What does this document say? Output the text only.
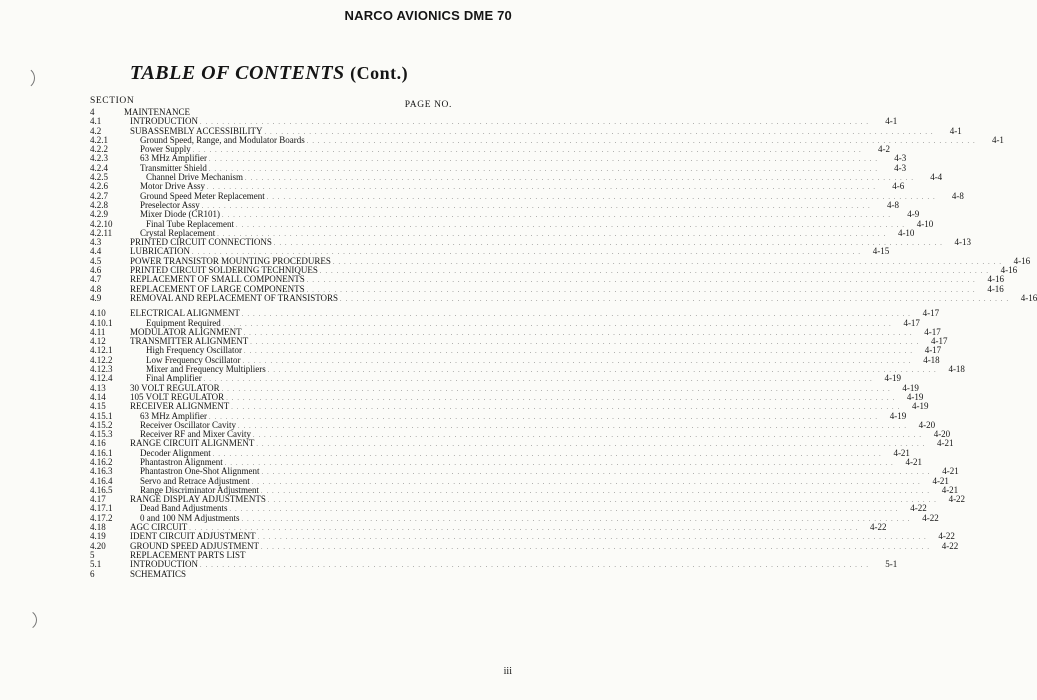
NARCO AVIONICS DME 70
TABLE OF CONTENTS (Cont.)
SECTION	PAGE NO.
4	MAINTENANCE
4.1	INTRODUCTION . . . . . . . . . . . . . . . . . . . . . . . . . . . . . . . . . . . . . . . . . . . . . . . . . . . . . . . . . . . . . . . . . . . . . . . . . . . . . . . . . . . . . . . . . . . . . . . . . . . . . . . . . . . . . . . . . . . . . . . .	4-1
4.2	SUBASSEMBLY ACCESSIBILITY . . . . . . . . . . . . . . . . . . . . . . . . . . . . . . . . . . . . . . . . . . . . . . . . . . . . . . . . . . . . . . . . . . . . . . . . . . . . . . . . . . . . . . . . . . . . . . . . . . . . . . . . . . . . . . . . . . . . . . . .	4-1
4.2.1	Ground Speed, Range, and Modulator Boards . . . . . . . . . . . . . . . . . . . . . . . . . . . . . . . . . . . . . . . . . . . . . . . . . . . . . . . . . . . . . . . . . . . . . . . . . . . . . . . . . . . . . . . . . . . . . . . . . . . . . . . . . . . . . . . . . . . . . . . .	4-1
4.2.2	Power Supply . . . . . . . . . . . . . . . . . . . . . . . . . . . . . . . . . . . . . . . . . . . . . . . . . . . . . . . . . . . . . . . . . . . . . . . . . . . . . . . . . . . . . . . . . . . . . . . . . . . . . . . . . . . . . . . . . . . . . . . .	4-2
4.2.3	63 MHz Amplifier . . . . . . . . . . . . . . . . . . . . . . . . . . . . . . . . . . . . . . . . . . . . . . . . . . . . . . . . . . . . . . . . . . . . . . . . . . . . . . . . . . . . . . . . . . . . . . . . . . . . . . . . . . . . . . . . . . . . . . . .	4-3
4.2.4	Transmitter Shield . . . . . . . . . . . . . . . . . . . . . . . . . . . . . . . . . . . . . . . . . . . . . . . . . . . . . . . . . . . . . . . . . . . . . . . . . . . . . . . . . . . . . . . . . . . . . . . . . . . . . . . . . . . . . . . . . . . . . . . .	4-3
4.2.5	Channel Drive Mechanism . . . . . . . . . . . . . . . . . . . . . . . . . . . . . . . . . . . . . . . . . . . . . . . . . . . . . . . . . . . . . . . . . . . . . . . . . . . . . . . . . . . . . . . . . . . . . . . . . . . . . . . . . . . . . . . . . . . . . . . .	4-4
4.2.6	Motor Drive Assy . . . . . . . . . . . . . . . . . . . . . . . . . . . . . . . . . . . . . . . . . . . . . . . . . . . . . . . . . . . . . . . . . . . . . . . . . . . . . . . . . . . . . . . . . . . . . . . . . . . . . . . . . . . . . . . . . . . . . . . .	4-6
4.2.7	Ground Speed Meter Replacement . . . . . . . . . . . . . . . . . . . . . . . . . . . . . . . . . . . . . . . . . . . . . . . . . . . . . . . . . . . . . . . . . . . . . . . . . . . . . . . . . . . . . . . . . . . . . . . . . . . . . . . . . . . . . . . . . . . . . . . .	4-8
4.2.8	Preselector Assy . . . . . . . . . . . . . . . . . . . . . . . . . . . . . . . . . . . . . . . . . . . . . . . . . . . . . . . . . . . . . . . . . . . . . . . . . . . . . . . . . . . . . . . . . . . . . . . . . . . . . . . . . . . . . . . . . . . . . . . .	4-8
4.2.9	Mixer Diode (CR101) . . . . . . . . . . . . . . . . . . . . . . . . . . . . . . . . . . . . . . . . . . . . . . . . . . . . . . . . . . . . . . . . . . . . . . . . . . . . . . . . . . . . . . . . . . . . . . . . . . . . . . . . . . . . . . . . . . . . . . . .	4-9
4.2.10	Final Tube Replacement . . . . . . . . . . . . . . . . . . . . . . . . . . . . . . . . . . . . . . . . . . . . . . . . . . . . . . . . . . . . . . . . . . . . . . . . . . . . . . . . . . . . . . . . . . . . . . . . . . . . . . . . . . . . . . . . . . . . . . . .	4-10
4.2.11	Crystal Replacement . . . . . . . . . . . . . . . . . . . . . . . . . . . . . . . . . . . . . . . . . . . . . . . . . . . . . . . . . . . . . . . . . . . . . . . . . . . . . . . . . . . . . . . . . . . . . . . . . . . . . . . . . . . . . . . . . . . . . . . .	4-10
4.3	PRINTED CIRCUIT CONNECTIONS . . . . . . . . . . . . . . . . . . . . . . . . . . . . . . . . . . . . . . . . . . . . . . . . . . . . . . . . . . . . . . . . . . . . . . . . . . . . . . . . . . . . . . . . . . . . . . . . . . . . . . . . . . . . . . . . . . . . . . . .	4-13
4.4	LUBRICATION . . . . . . . . . . . . . . . . . . . . . . . . . . . . . . . . . . . . . . . . . . . . . . . . . . . . . . . . . . . . . . . . . . . . . . . . . . . . . . . . . . . . . . . . . . . . . . . . . . . . . . . . . . . . . . . . . . . . . . . .	4-15
4.5	POWER TRANSISTOR MOUNTING PROCEDURES . . . . . . . . . . . . . . . . . . . . . . . . . . . . . . . . . . . . . . . . . . . . . . . . . . . . . . . . . . . . . . . . . . . . . . . . . . . . . . . . . . . . . . . . . . . . . . . . . . . . . . . . . . . . . . . . . . . . . . . .	4-16
4.6	PRINTED CIRCUIT SOLDERING TECHNIQUES . . . . . . . . . . . . . . . . . . . . . . . . . . . . . . . . . . . . . . . . . . . . . . . . . . . . . . . . . . . . . . . . . . . . . . . . . . . . . . . . . . . . . . . . . . . . . . . . . . . . . . . . . . . . . . . . . . . . . . . .	4-16
4.7	REPLACEMENT OF SMALL COMPONENTS . . . . . . . . . . . . . . . . . . . . . . . . . . . . . . . . . . . . . . . . . . . . . . . . . . . . . . . . . . . . . . . . . . . . . . . . . . . . . . . . . . . . . . . . . . . . . . . . . . . . . . . . . . . . . . . . . . . . . . . .	4-16
4.8	REPLACEMENT OF LARGE COMPONENTS . . . . . . . . . . . . . . . . . . . . . . . . . . . . . . . . . . . . . . . . . . . . . . . . . . . . . . . . . . . . . . . . . . . . . . . . . . . . . . . . . . . . . . . . . . . . . . . . . . . . . . . . . . . . . . . . . . . . . . . .	4-16
4.9	REMOVAL AND REPLACEMENT OF TRANSISTORS . . . . . . . . . . . . . . . . . . . . . . . . . . . . . . . . . . . . . . . . . . . . . . . . . . . . . . . . . . . . . . . . . . . . . . . . . . . . . . . . . . . . . . . . . . . . . . . . . . . . . . . . . . . . . . . . . . . . . . . .	4-16
4.10	ELECTRICAL ALIGNMENT . . . . . . . . . . . . . . . . . . . . . . . . . . . . . . . . . . . . . . . . . . . . . . . . . . . . . . . . . . . . . . . . . . . . . . . . . . . . . . . . . . . . . . . . . . . . . . . . . . . . . . . . . . . . . . . . . . . . . . . .	4-17
4.10.1	Equipment Required . . . . . . . . . . . . . . . . . . . . . . . . . . . . . . . . . . . . . . . . . . . . . . . . . . . . . . . . . . . . . . . . . . . . . . . . . . . . . . . . . . . . . . . . . . . . . . . . . . . . . . . . . . . . . . . . . . . . . . . .	4-17
4.11	MODULATOR ALIGNMENT . . . . . . . . . . . . . . . . . . . . . . . . . . . . . . . . . . . . . . . . . . . . . . . . . . . . . . . . . . . . . . . . . . . . . . . . . . . . . . . . . . . . . . . . . . . . . . . . . . . . . . . . . . . . . . . . . . . . . . . .	4-17
4.12	TRANSMITTER ALIGNMENT . . . . . . . . . . . . . . . . . . . . . . . . . . . . . . . . . . . . . . . . . . . . . . . . . . . . . . . . . . . . . . . . . . . . . . . . . . . . . . . . . . . . . . . . . . . . . . . . . . . . . . . . . . . . . . . . . . . . . . . .	4-17
4.12.1	High Frequency Oscillator . . . . . . . . . . . . . . . . . . . . . . . . . . . . . . . . . . . . . . . . . . . . . . . . . . . . . . . . . . . . . . . . . . . . . . . . . . . . . . . . . . . . . . . . . . . . . . . . . . . . . . . . . . . . . . . . . . . . . . . .	4-17
4.12.2	Low Frequency Oscillator . . . . . . . . . . . . . . . . . . . . . . . . . . . . . . . . . . . . . . . . . . . . . . . . . . . . . . . . . . . . . . . . . . . . . . . . . . . . . . . . . . . . . . . . . . . . . . . . . . . . . . . . . . . . . . . . . . . . . . . .	4-18
4.12.3	Mixer and Frequency Multipliers . . . . . . . . . . . . . . . . . . . . . . . . . . . . . . . . . . . . . . . . . . . . . . . . . . . . . . . . . . . . . . . . . . . . . . . . . . . . . . . . . . . . . . . . . . . . . . . . . . . . . . . . . . . . . . . . . . . . . . . .	4-18
4.12.4	Final Amplifier . . . . . . . . . . . . . . . . . . . . . . . . . . . . . . . . . . . . . . . . . . . . . . . . . . . . . . . . . . . . . . . . . . . . . . . . . . . . . . . . . . . . . . . . . . . . . . . . . . . . . . . . . . . . . . . . . . . . . . . .	4-19
4.13	30 VOLT REGULATOR . . . . . . . . . . . . . . . . . . . . . . . . . . . . . . . . . . . . . . . . . . . . . . . . . . . . . . . . . . . . . . . . . . . . . . . . . . . . . . . . . . . . . . . . . . . . . . . . . . . . . . . . . . . . . . . . . . . . . . . .	4-19
4.14	105 VOLT REGULATOR . . . . . . . . . . . . . . . . . . . . . . . . . . . . . . . . . . . . . . . . . . . . . . . . . . . . . . . . . . . . . . . . . . . . . . . . . . . . . . . . . . . . . . . . . . . . . . . . . . . . . . . . . . . . . . . . . . . . . . . .	4-19
4.15	RECEIVER ALIGNMENT . . . . . . . . . . . . . . . . . . . . . . . . . . . . . . . . . . . . . . . . . . . . . . . . . . . . . . . . . . . . . . . . . . . . . . . . . . . . . . . . . . . . . . . . . . . . . . . . . . . . . . . . . . . . . . . . . . . . . . . .	4-19
4.15.1	63 MHz Amplifier . . . . . . . . . . . . . . . . . . . . . . . . . . . . . . . . . . . . . . . . . . . . . . . . . . . . . . . . . . . . . . . . . . . . . . . . . . . . . . . . . . . . . . . . . . . . . . . . . . . . . . . . . . . . . . . . . . . . . . . .	4-19
4.15.2	Receiver Oscillator Cavity . . . . . . . . . . . . . . . . . . . . . . . . . . . . . . . . . . . . . . . . . . . . . . . . . . . . . . . . . . . . . . . . . . . . . . . . . . . . . . . . . . . . . . . . . . . . . . . . . . . . . . . . . . . . . . . . . . . . . . . .	4-20
4.15.3	Receiver RF and Mixer Cavity . . . . . . . . . . . . . . . . . . . . . . . . . . . . . . . . . . . . . . . . . . . . . . . . . . . . . . . . . . . . . . . . . . . . . . . . . . . . . . . . . . . . . . . . . . . . . . . . . . . . . . . . . . . . . . . . . . . . . . . .	4-20
4.16	RANGE CIRCUIT ALIGNMENT . . . . . . . . . . . . . . . . . . . . . . . . . . . . . . . . . . . . . . . . . . . . . . . . . . . . . . . . . . . . . . . . . . . . . . . . . . . . . . . . . . . . . . . . . . . . . . . . . . . . . . . . . . . . . . . . . . . . . . . .	4-21
4.16.1	Decoder Alignment . . . . . . . . . . . . . . . . . . . . . . . . . . . . . . . . . . . . . . . . . . . . . . . . . . . . . . . . . . . . . . . . . . . . . . . . . . . . . . . . . . . . . . . . . . . . . . . . . . . . . . . . . . . . . . . . . . . . . . . .	4-21
4.16.2	Phantastron Alignment . . . . . . . . . . . . . . . . . . . . . . . . . . . . . . . . . . . . . . . . . . . . . . . . . . . . . . . . . . . . . . . . . . . . . . . . . . . . . . . . . . . . . . . . . . . . . . . . . . . . . . . . . . . . . . . . . . . . . . . .	4-21
4.16.3	Phantastron One-Shot Alignment . . . . . . . . . . . . . . . . . . . . . . . . . . . . . . . . . . . . . . . . . . . . . . . . . . . . . . . . . . . . . . . . . . . . . . . . . . . . . . . . . . . . . . . . . . . . . . . . . . . . . . . . . . . . . . . . . . . . . . . .	4-21
4.16.4	Servo and Retrace Adjustment . . . . . . . . . . . . . . . . . . . . . . . . . . . . . . . . . . . . . . . . . . . . . . . . . . . . . . . . . . . . . . . . . . . . . . . . . . . . . . . . . . . . . . . . . . . . . . . . . . . . . . . . . . . . . . . . . . . . . . . .	4-21
4.16.5	Range Discriminator Adjustment . . . . . . . . . . . . . . . . . . . . . . . . . . . . . . . . . . . . . . . . . . . . . . . . . . . . . . . . . . . . . . . . . . . . . . . . . . . . . . . . . . . . . . . . . . . . . . . . . . . . . . . . . . . . . . . . . . . . . . . .	4-21
4.17	RANGE DISPLAY ADJUSTMENTS . . . . . . . . . . . . . . . . . . . . . . . . . . . . . . . . . . . . . . . . . . . . . . . . . . . . . . . . . . . . . . . . . . . . . . . . . . . . . . . . . . . . . . . . . . . . . . . . . . . . . . . . . . . . . . . . . . . . . . . .	4-22
4.17.1	Dead Band Adjustments . . . . . . . . . . . . . . . . . . . . . . . . . . . . . . . . . . . . . . . . . . . . . . . . . . . . . . . . . . . . . . . . . . . . . . . . . . . . . . . . . . . . . . . . . . . . . . . . . . . . . . . . . . . . . . . . . . . . . . . .	4-22
4.17.2	0 and 100 NM Adjustments . . . . . . . . . . . . . . . . . . . . . . . . . . . . . . . . . . . . . . . . . . . . . . . . . . . . . . . . . . . . . . . . . . . . . . . . . . . . . . . . . . . . . . . . . . . . . . . . . . . . . . . . . . . . . . . . . . . . . . . .	4-22
4.18	AGC CIRCUIT . . . . . . . . . . . . . . . . . . . . . . . . . . . . . . . . . . . . . . . . . . . . . . . . . . . . . . . . . . . . . . . . . . . . . . . . . . . . . . . . . . . . . . . . . . . . . . . . . . . . . . . . . . . . . . . . . . . . . . . .	4-22
4.19	IDENT CIRCUIT ADJUSTMENT . . . . . . . . . . . . . . . . . . . . . . . . . . . . . . . . . . . . . . . . . . . . . . . . . . . . . . . . . . . . . . . . . . . . . . . . . . . . . . . . . . . . . . . . . . . . . . . . . . . . . . . . . . . . . . . . . . . . . . . .	4-22
4.20	GROUND SPEED ADJUSTMENT . . . . . . . . . . . . . . . . . . . . . . . . . . . . . . . . . . . . . . . . . . . . . . . . . . . . . . . . . . . . . . . . . . . . . . . . . . . . . . . . . . . . . . . . . . . . . . . . . . . . . . . . . . . . . . . . . . . . . . . .	4-22
5	REPLACEMENT PARTS LIST
5.1	INTRODUCTION . . . . . . . . . . . . . . . . . . . . . . . . . . . . . . . . . . . . . . . . . . . . . . . . . . . . . . . . . . . . . . . . . . . . . . . . . . . . . . . . . . . . . . . . . . . . . . . . . . . . . . . . . . . . . . . . . . . . . . . .	5-1
6	SCHEMATICS
iii
